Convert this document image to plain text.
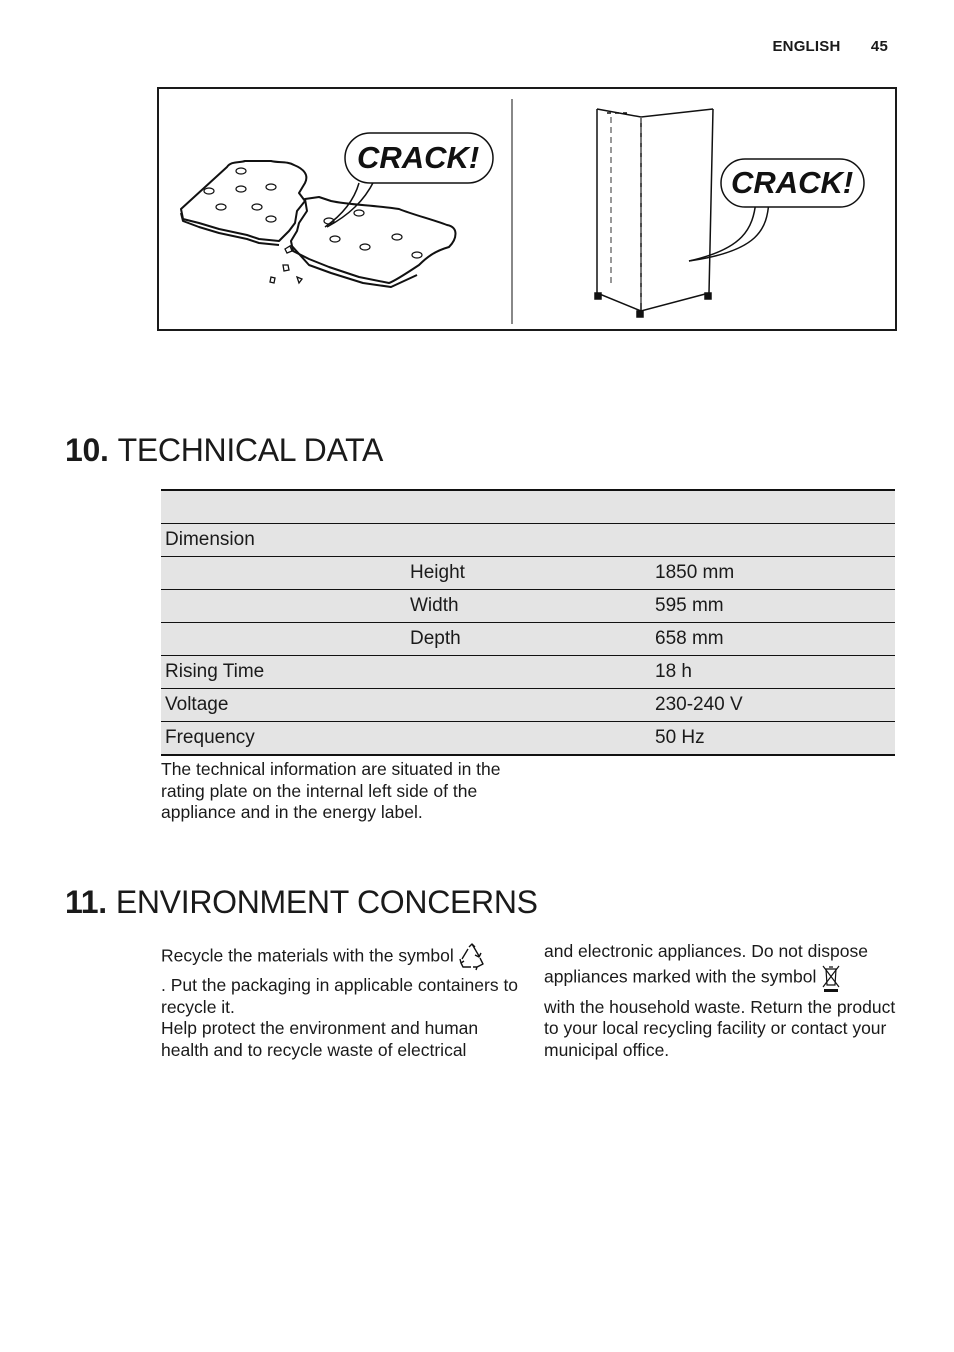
ENGLISH 45
CRACK!
CRACK!
10. TECHNICAL DATA

Dimension		
	Height	1850 mm
	Width	595 mm
	Depth	658 mm
Rising Time		18 h
Voltage		230-240 V
Frequency		50 Hz
The technical information are situated in the rating plate on the internal left side of the appliance and in the energy label.
11. ENVIRONMENT CONCERNS

Recycle the materials with the symbol

. Put the packaging in applicable containers to recycle it.

Help protect the environment and human health and to recycle waste of electrical

and electronic appliances. Do not dispose appliances marked with the symbol

with the household waste. Return the product to your local recycling facility or contact your municipal office.
